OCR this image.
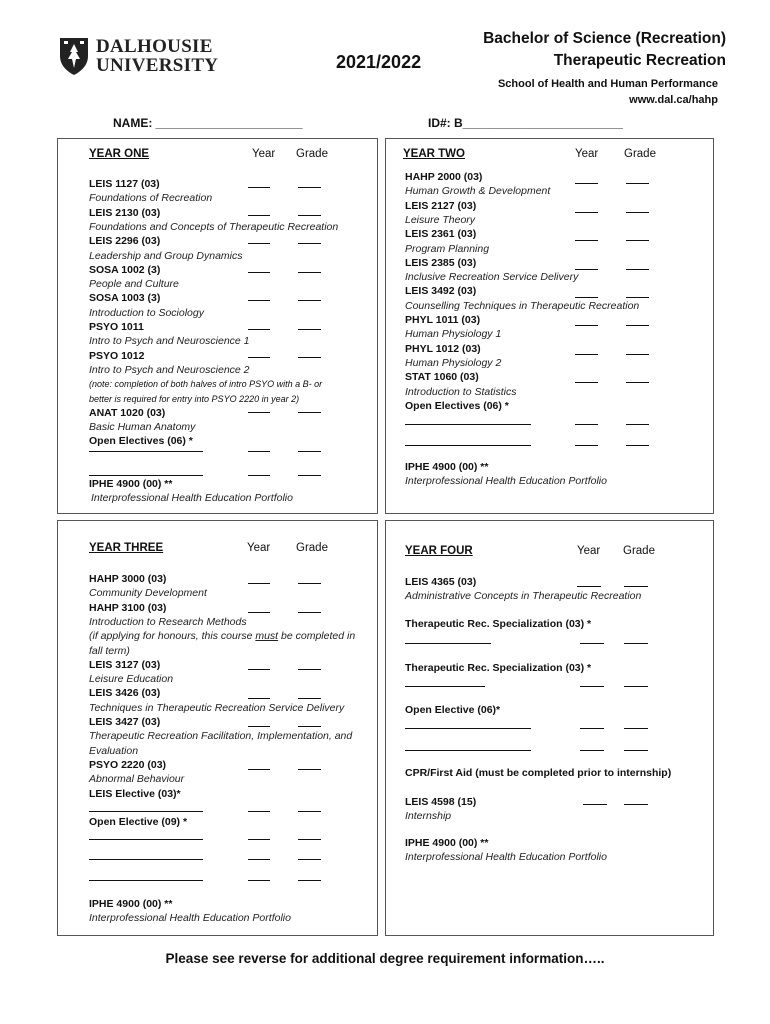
DALHOUSIE
UNIVERSITY	2021/2022
Bachelor of Science (Recreation)
Therapeutic Recreation
School of Health and Human Performance
www.dal.ca/hahp
NAME: ______________________	ID#: B________________________
YEAR ONE	Year Grade
LEIS 1127 (03)
Foundations of Recreation
LEIS 2130 (03)
Foundations and Concepts of Therapeutic Recreation
LEIS 2296 (03)
Leadership and Group Dynamics
SOSA 1002 (3)
People and Culture
SOSA 1003 (3)
Introduction to Sociology
PSYO 1011
Intro to Psych and Neuroscience 1
PSYO 1012
Intro to Psych and Neuroscience 2
(note: completion of both halves of intro PSYO with a B- or
better is required for entry into PSYO 2220 in year 2)
ANAT 1020 (03)
Basic Human Anatomy
Open Electives (06) *
IPHE 4900 (00) **
Interprofessional Health Education Portfolio
YEAR TWO	Year Grade
HAHP 2000 (03)
Human Growth & Development
LEIS 2127 (03)
Leisure Theory
LEIS 2361 (03)
Program Planning
LEIS 2385 (03)
Inclusive Recreation Service Delivery
LEIS 3492 (03)
Counselling Techniques in Therapeutic Recreation
PHYL 1011 (03)
Human Physiology 1
PHYL 1012 (03)
Human Physiology 2
STAT 1060 (03)
Introduction to Statistics
Open Electives (06) *
IPHE 4900 (00) **
Interprofessional Health Education Portfolio
YEAR THREE	Year Grade
HAHP 3000 (03)
Community Development
HAHP 3100 (03)
Introduction to Research Methods
(if applying for honours, this course must be completed in
fall term)
LEIS 3127 (03)
Leisure Education
LEIS 3426 (03)
Techniques in Therapeutic Recreation Service Delivery
LEIS 3427 (03)
Therapeutic Recreation Facilitation, Implementation, and
Evaluation
PSYO 2220 (03)
Abnormal Behaviour
LEIS Elective (03)*
Open Elective (09) *
IPHE 4900 (00) **
Interprofessional Health Education Portfolio
YEAR FOUR	Year Grade
LEIS 4365 (03)
Administrative Concepts in Therapeutic Recreation
Therapeutic Rec. Specialization (03) *
Therapeutic Rec. Specialization (03) *
Open Elective (06)*
CPR/First Aid (must be completed prior to internship)
LEIS 4598 (15)
Internship
IPHE 4900 (00) **
Interprofessional Health Education Portfolio
Please see reverse for additional degree requirement information…..
